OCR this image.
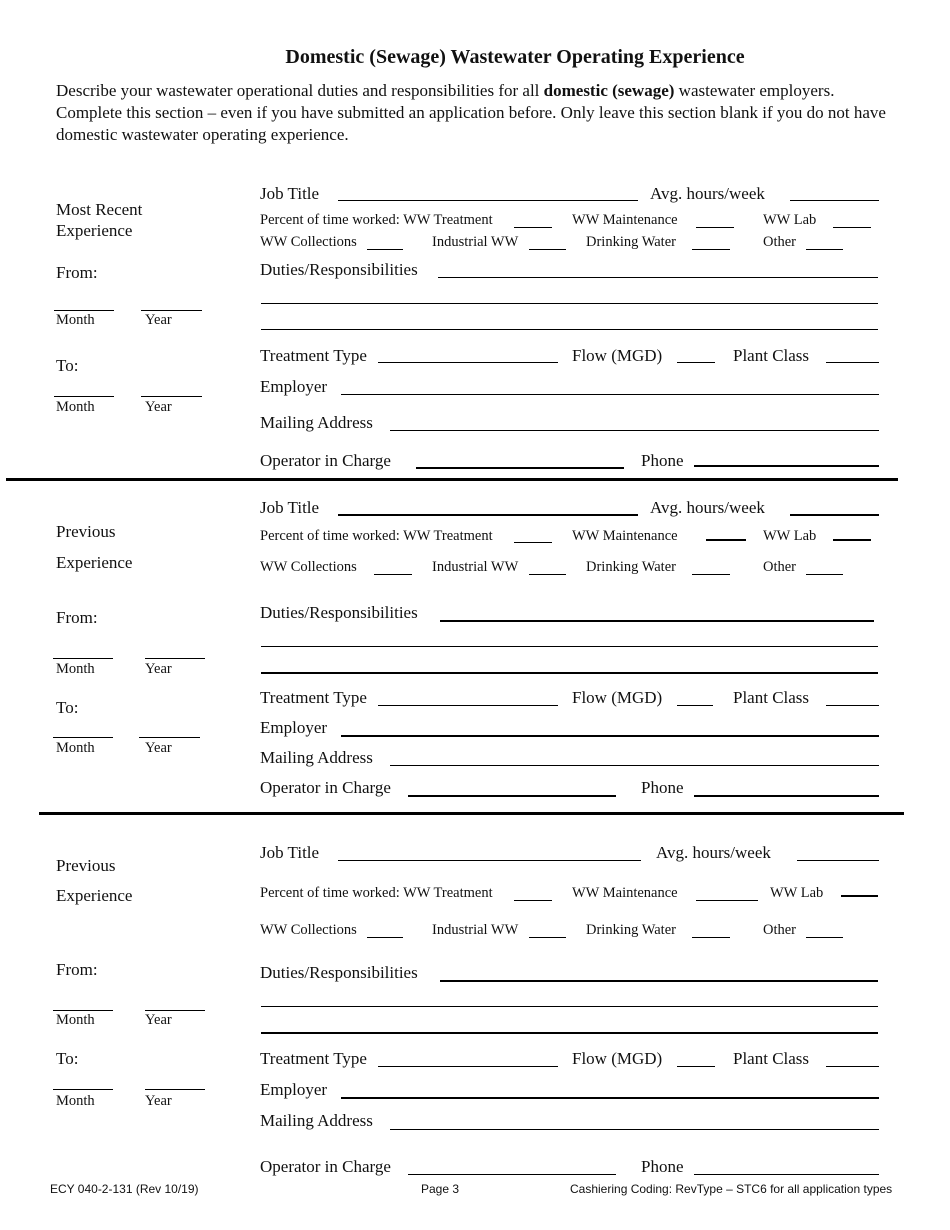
Domestic (Sewage) Wastewater Operating Experience
Describe your wastewater operational duties and responsibilities for all domestic (sewage) wastewater employers. Complete this section – even if you have submitted an application before. Only leave this section blank if you do not have domestic wastewater operating experience.
Most Recent
Experience
From:
Month	Year
To:
Month	Year
Job Title	Avg. hours/week
Percent of time worked: WW Treatment	WW Maintenance	WW Lab
WW Collections	Industrial WW	Drinking Water	Other
Duties/Responsibilities
Treatment Type	Flow (MGD)	Plant Class
Employer
Mailing Address
Operator in Charge	Phone
Previous
Experience
From:
Month	Year
To:
Month	Year
Job Title	Avg. hours/week
Percent of time worked: WW Treatment	WW Maintenance	WW Lab
WW Collections	Industrial WW	Drinking Water	Other
Duties/Responsibilities
Treatment Type	Flow (MGD)	Plant Class
Employer
Mailing Address
Operator in Charge	Phone
Previous
Experience
From:
Month	Year
To:
Month	Year
Job Title	Avg. hours/week
Percent of time worked: WW Treatment	WW Maintenance	WW Lab
WW Collections	Industrial WW	Drinking Water	Other
Duties/Responsibilities
Treatment Type	Flow (MGD)	Plant Class
Employer
Mailing Address
Operator in Charge	Phone
ECY 040-2-131 (Rev 10/19)	Page 3	Cashiering Coding: RevType – STC6 for all application types
